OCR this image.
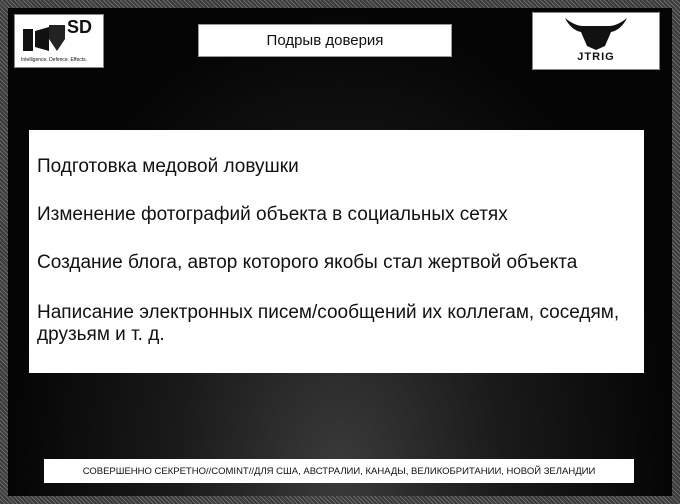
SD
Intelligence. Defence. Effects.
Подрыв доверия
JTRIG
Подготовка медовой ловушки
Изменение фотографий объекта в социальных сетях
Создание блога, автор которого якобы стал жертвой объекта
Написание электронных писем/сообщений их коллегам, соседям, друзьям и т. д.
СОВЕРШЕННО СЕКРЕТНО//COMINT//ДЛЯ США, АВСТРАЛИИ, КАНАДЫ, ВЕЛИКОБРИТАНИИ, НОВОЙ ЗЕЛАНДИИ
